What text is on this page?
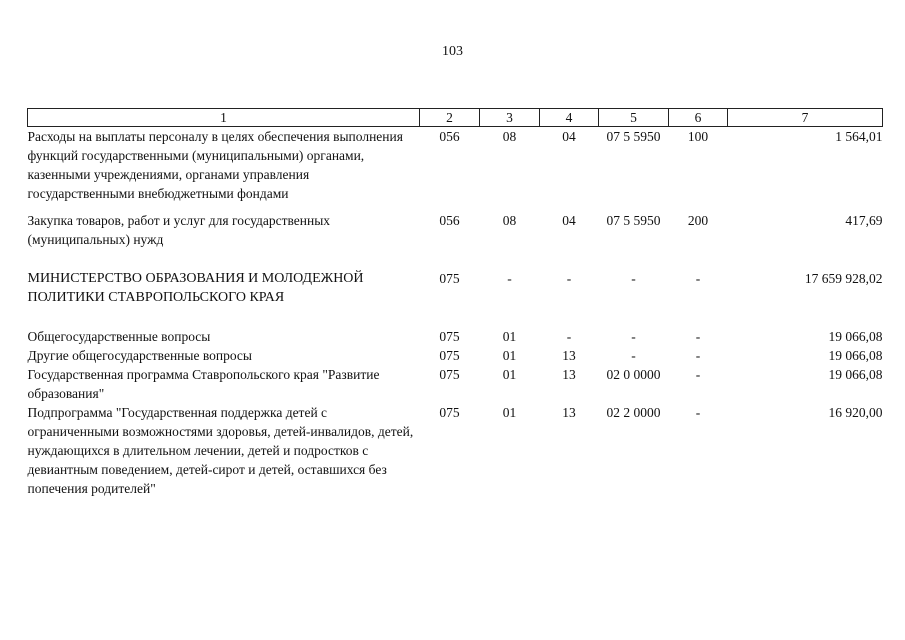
103
1	2	3	4	5	6	7
Расходы на выплаты персоналу в целях обеспечения выполнения функций государственными (муниципальными) органами, казенными учреждениями, органами управления государственными внебюджетными фондами	056	08	04	07 5 5950	100	1 564,01

Закупка товаров, работ и услуг для государственных (муниципальных) нужд	056	08	04	07 5 5950	200	417,69

МИНИСТЕРСТВО ОБРАЗОВАНИЯ И МОЛОДЕЖНОЙ ПОЛИТИКИ СТАВРОПОЛЬСКОГО КРАЯ	075	-	-	-	-	17 659 928,02

Общегосударственные вопросы	075	01	-	-	-	19 066,08
Другие общегосударственные вопросы	075	01	13	-	-	19 066,08
Государственная программа Ставропольского края "Развитие образования"	075	01	13	02 0 0000	-	19 066,08
Подпрограмма "Государственная поддержка детей с ограниченными возможностями здоровья, детей-инвалидов, детей, нуждающихся в длительном лечении, детей и подростков с девиантным поведением, детей-сирот и детей, оставшихся без попечения родителей"	075	01	13	02 2 0000	-	16 920,00
